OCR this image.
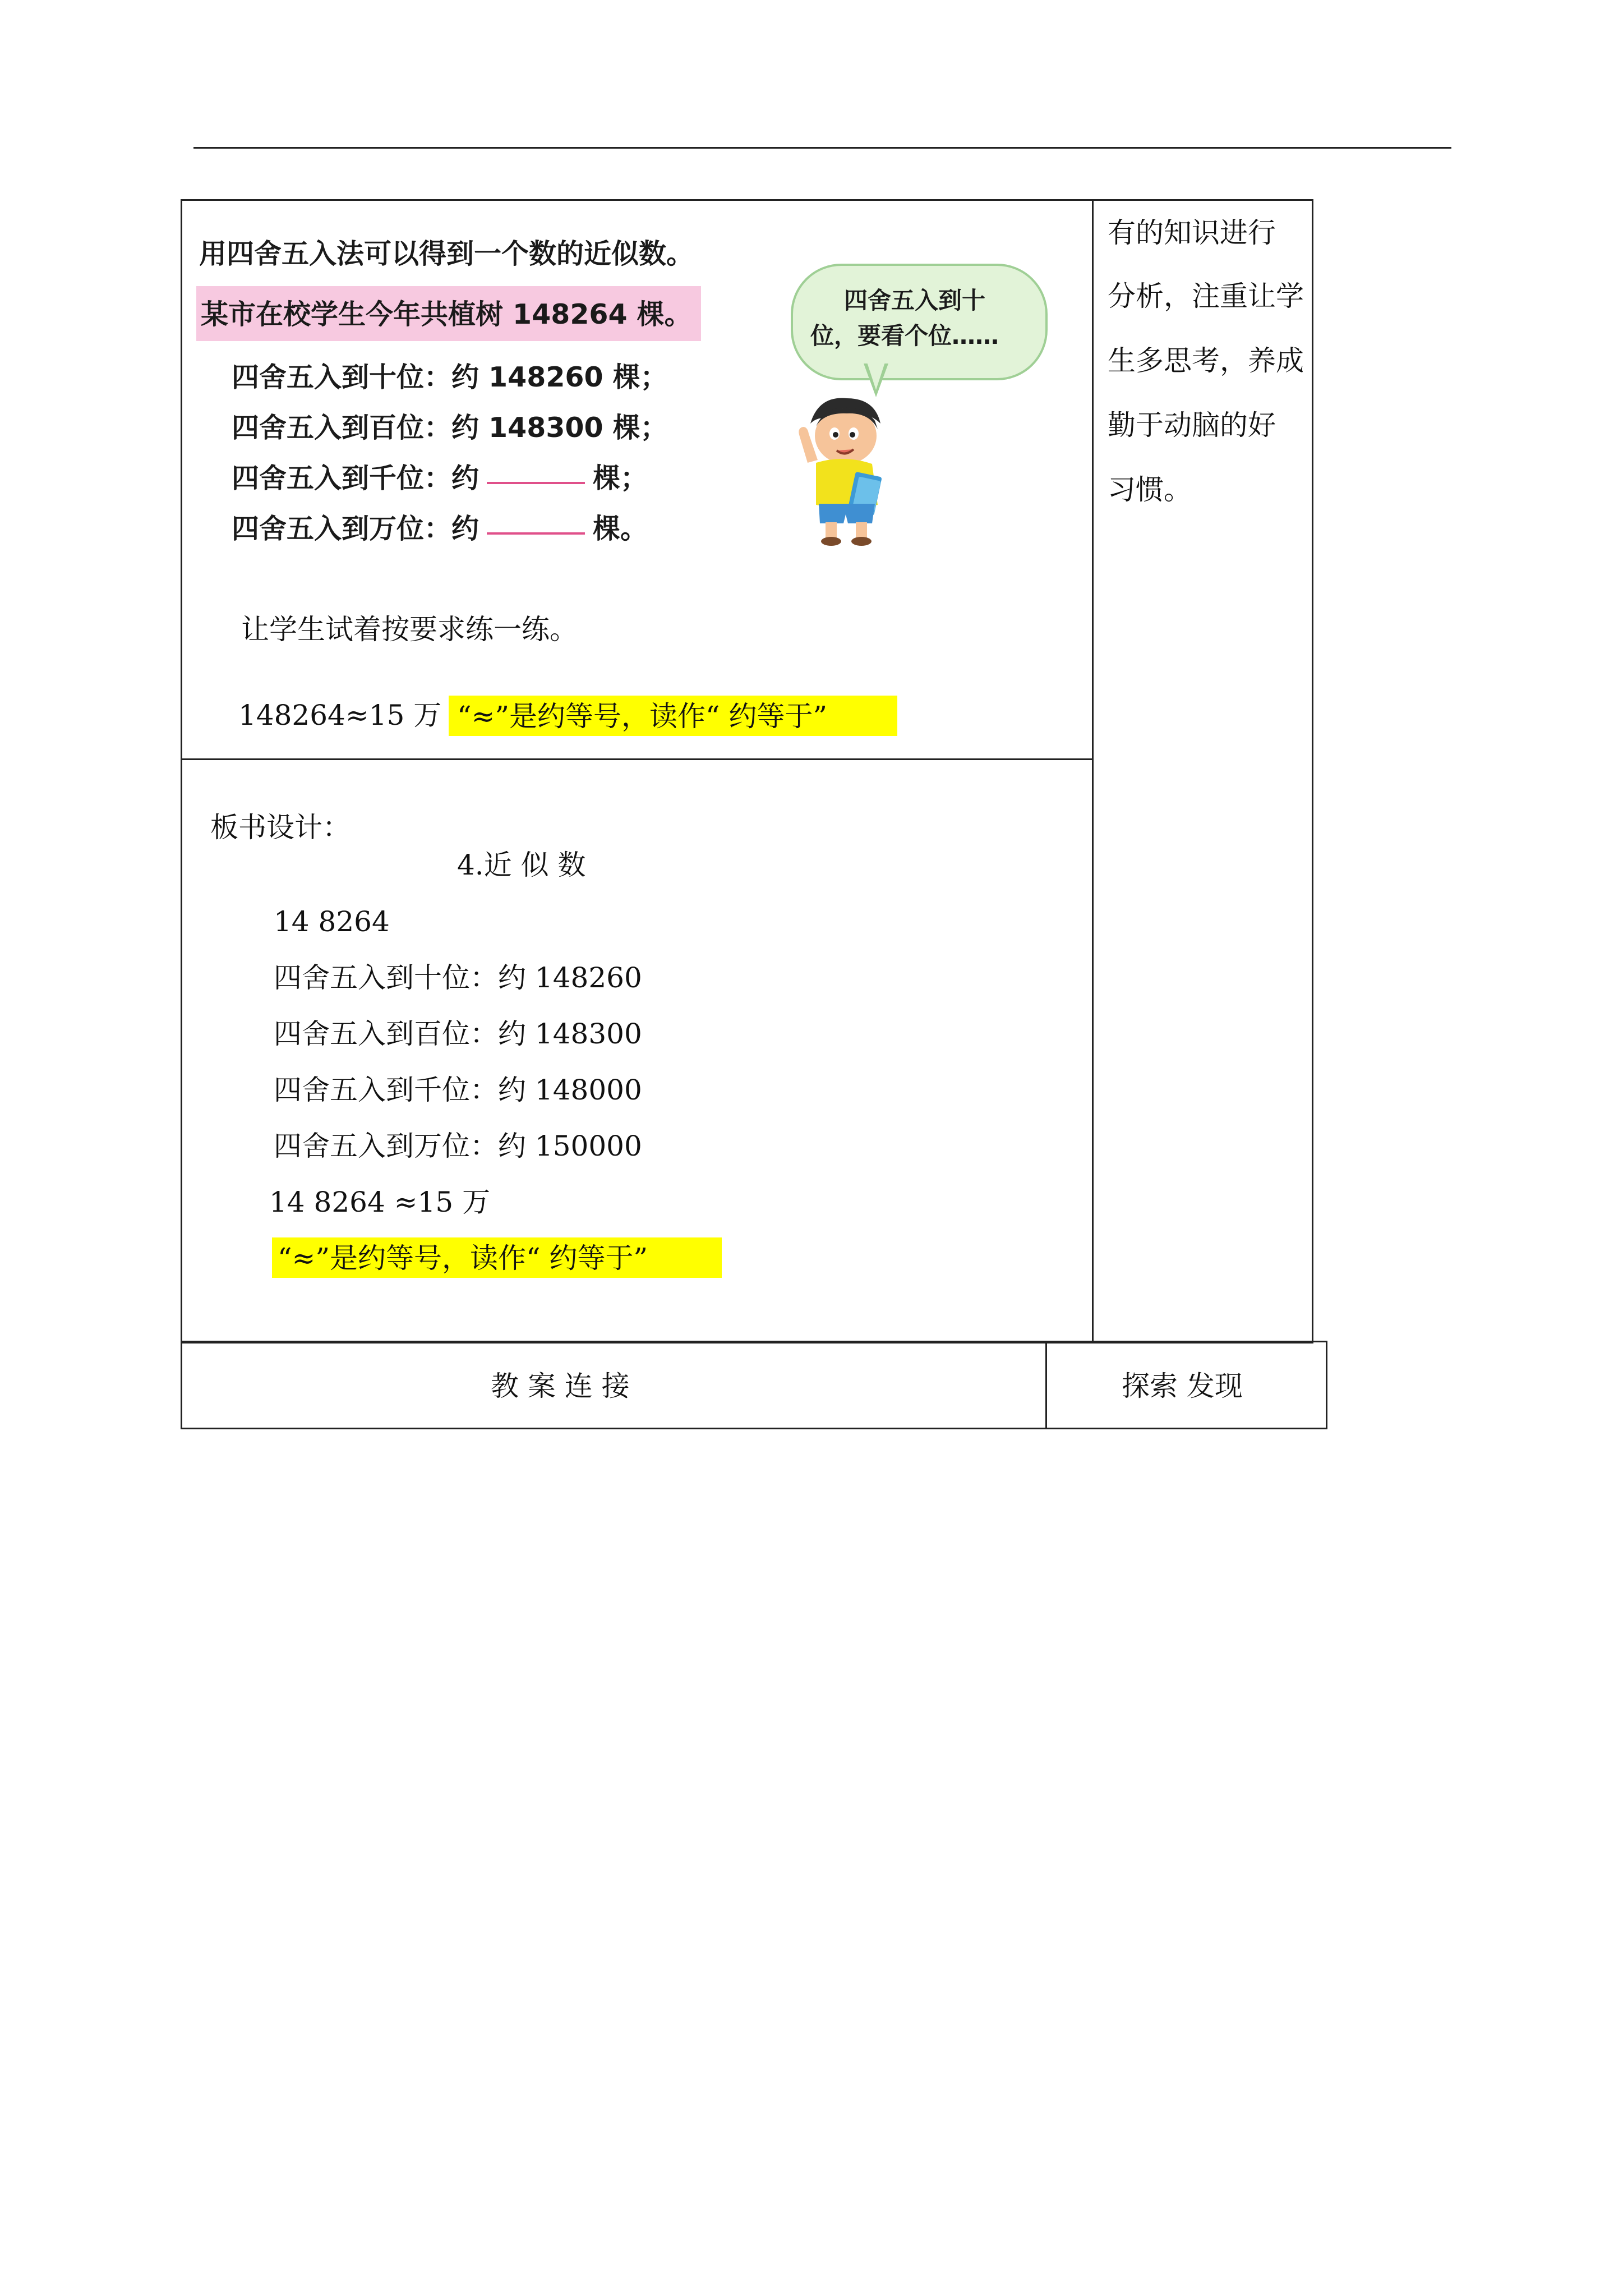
用四舍五入法可以得到一个数的近似数。
某市在校学生今年共植树 148264 棵。
四舍五入到十位：约 148260 棵；
四舍五入到百位：约 148300 棵；
四舍五入到千位：约	棵；
四舍五入到万位：约	棵。
四舍五入到十
位，要看个位……
让学生试着按要求练一练。
148264≈15 万 “≈”是约等号，读作“ 约等于”
有的知识进行
分析，注重让学
生多思考，养成
勤于动脑的好
习惯。
板书设计：
4.近 似 数
14 8264
四舍五入到十位：约 148260
四舍五入到百位：约 148300
四舍五入到千位：约 148000
四舍五入到万位：约 150000
14 8264 ≈15 万
“≈”是约等号，读作“ 约等于”
教 案 连 接	探索 发现
